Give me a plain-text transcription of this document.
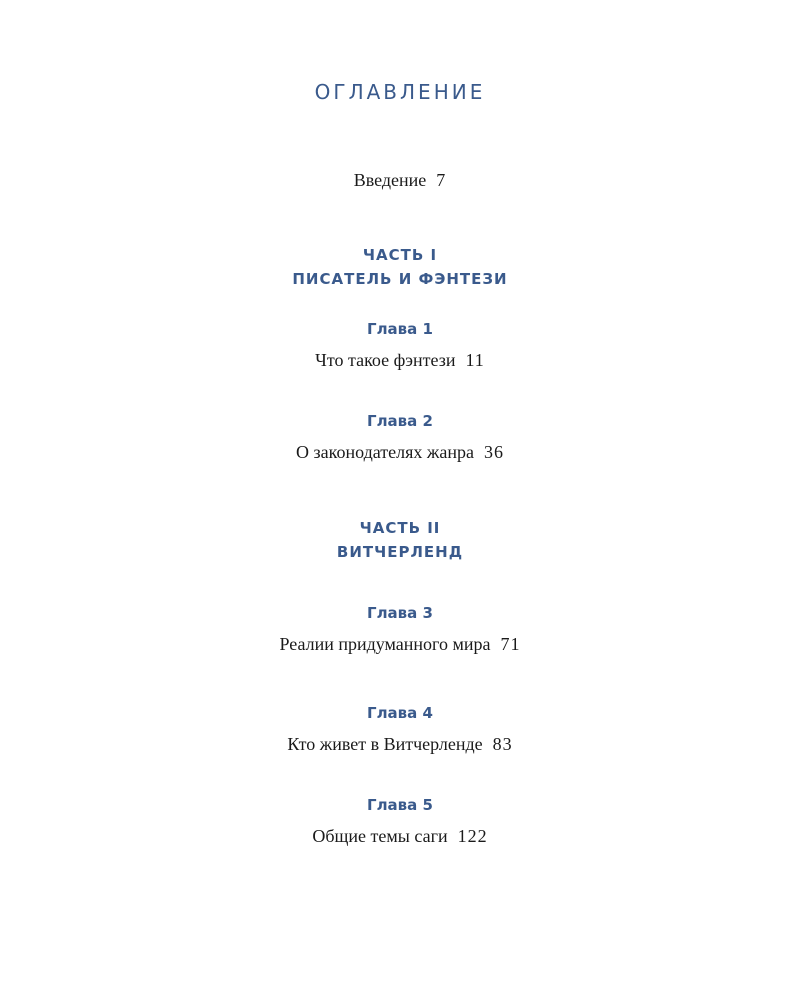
ОГЛАВЛЕНИЕ
Введение 7
ЧАСТЬ I
ПИСАТЕЛЬ И ФЭНТЕЗИ
Глава 1
Что такое фэнтези 11
Глава 2
О законодателях жанра 36
ЧАСТЬ II
ВИТЧЕРЛЕНД
Глава 3
Реалии придуманного мира 71
Глава 4
Кто живет в Витчерленде 83
Глава 5
Общие темы саги 122
